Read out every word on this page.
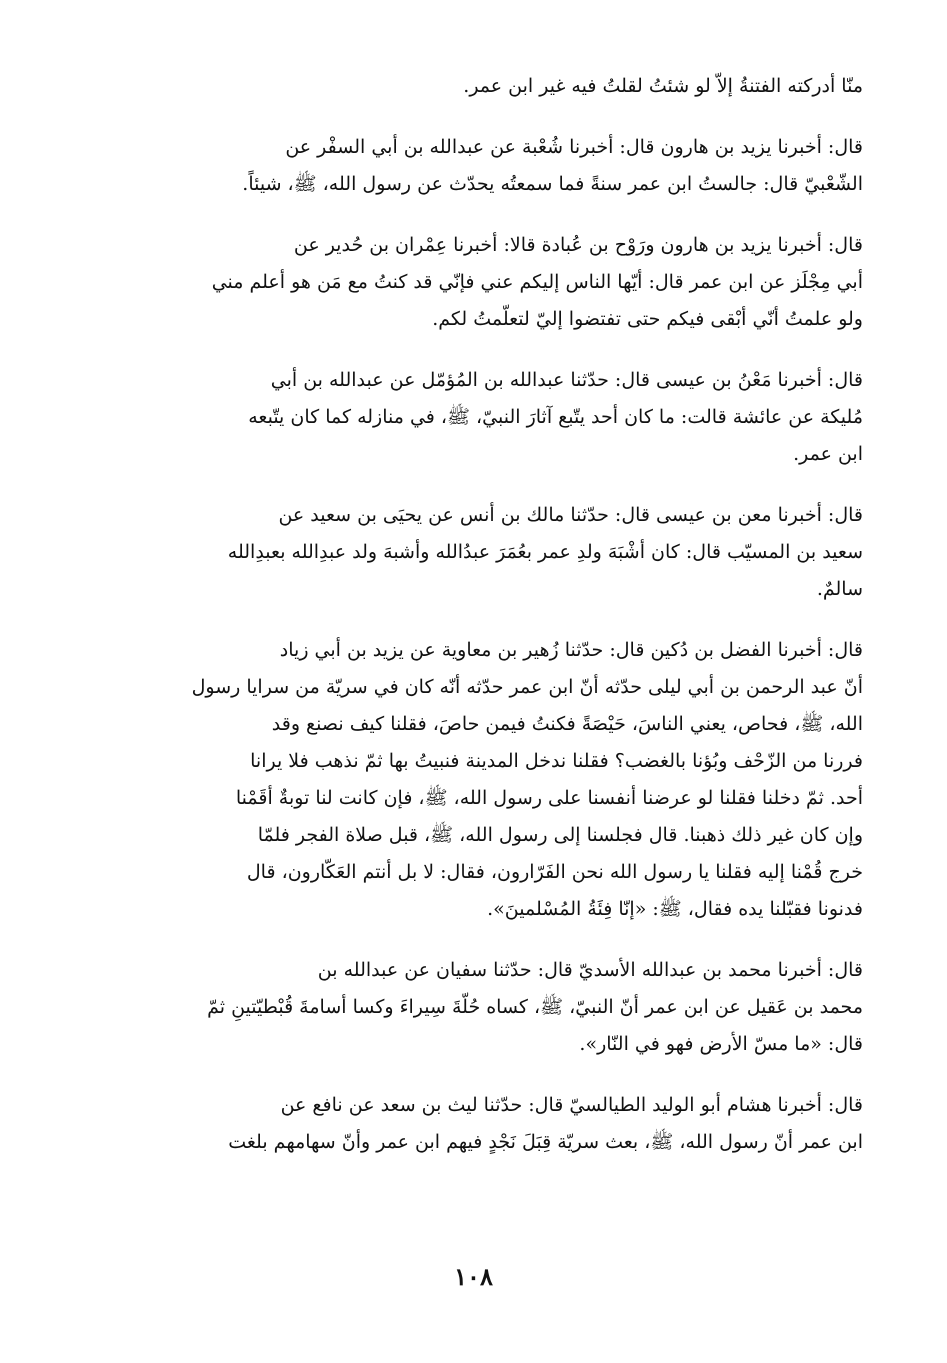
منّا أدركته الفتنةُ إلاّ لو شئتُ لقلتُ فيه غير ابن عمر.
قال: أخبرنا يزيد بن هارون قال: أخبرنا شُعْبة عن عبدالله بن أبي السفْر عن
الشّعْبيّ قال: جالستُ ابن عمر سنةً فما سمعتُه يحدّث عن رسول الله، ﷺ، شيئاً.
قال: أخبرنا يزيد بن هارون ورَوْح بن عُبادة قالا: أخبرنا عِمْران بن حُدير عن
أبي مِجْلَز عن ابن عمر قال: أيّها الناس إليكم عني فإنّي قد كنتُ مع مَن هو أعلم مني
ولو علمتُ أنّي أبْقى فيكم حتى تفتضوا إليّ لتعلّمتُ لكم.
قال: أخبرنا مَعْنُ بن عيسى قال: حدّثنا عبدالله بن المُؤمّل عن عبدالله بن أبي
مُليكة عن عائشة قالت: ما كان أحد يتّبع آثارَ النبيّ، ﷺ، في منازله كما كان يتّبعه
ابن عمر.
قال: أخبرنا معن بن عيسى قال: حدّثنا مالك بن أنس عن يحيَى بن سعيد عن
سعيد بن المسيّب قال: كان أشْبَهَ ولدِ عمر بعُمَرَ عبدُالله وأشبهَ ولد عبدِالله بعبدِالله
سالمٌ.
قال: أخبرنا الفضل بن دُكين قال: حدّثنا زُهير بن معاوية عن يزيد بن أبي زياد
أنّ عبد الرحمن بن أبي ليلى حدّثه أنّ ابن عمر حدّثه أنّه كان في سريّة من سرايا رسول
الله، ﷺ، فحاص، يعني الناسَ، حَيْصَةً فكنتُ فيمن حاصَ، فقلنا كيف نصنع وقد
فررنا من الزّحْف وبُؤنا بالغضب؟ فقلنا ندخل المدينة فنبيتُ بها ثمّ نذهب فلا يرانا
أحد. ثمّ دخلنا فقلنا لو عرضنا أنفسنا على رسول الله، ﷺ، فإن كانت لنا توبةٌ أقَمْنا
وإن كان غير ذلك ذهبنا. قال فجلسنا إلى رسول الله، ﷺ، قبل صلاة الفجر فلمّا
خرج قُمْنا إليه فقلنا يا رسول الله نحن الفَرّارون، فقال: لا بل أنتم العَكّارون، قال
فدنونا فقبّلنا يده فقال، ﷺ: «إنّا فِئَةُ المُسْلمينَ».
قال: أخبرنا محمد بن عبدالله الأسديّ قال: حدّثنا سفيان عن عبدالله بن
محمد بن عَقيل عن ابن عمر أنّ النبيّ، ﷺ، كساه حُلّةَ سِيراءَ وكسا أسامةَ قُبْطيّتينِ ثمّ
قال: «ما مسّ الأرض فهو في النّار».
قال: أخبرنا هشام أبو الوليد الطيالسيّ قال: حدّثنا ليث بن سعد عن نافع عن
ابن عمر أنّ رسول الله، ﷺ، بعث سريّة قِبَلَ نَجْدٍ فيهم ابن عمر وأنّ سهامهم بلغت
١٠٨
